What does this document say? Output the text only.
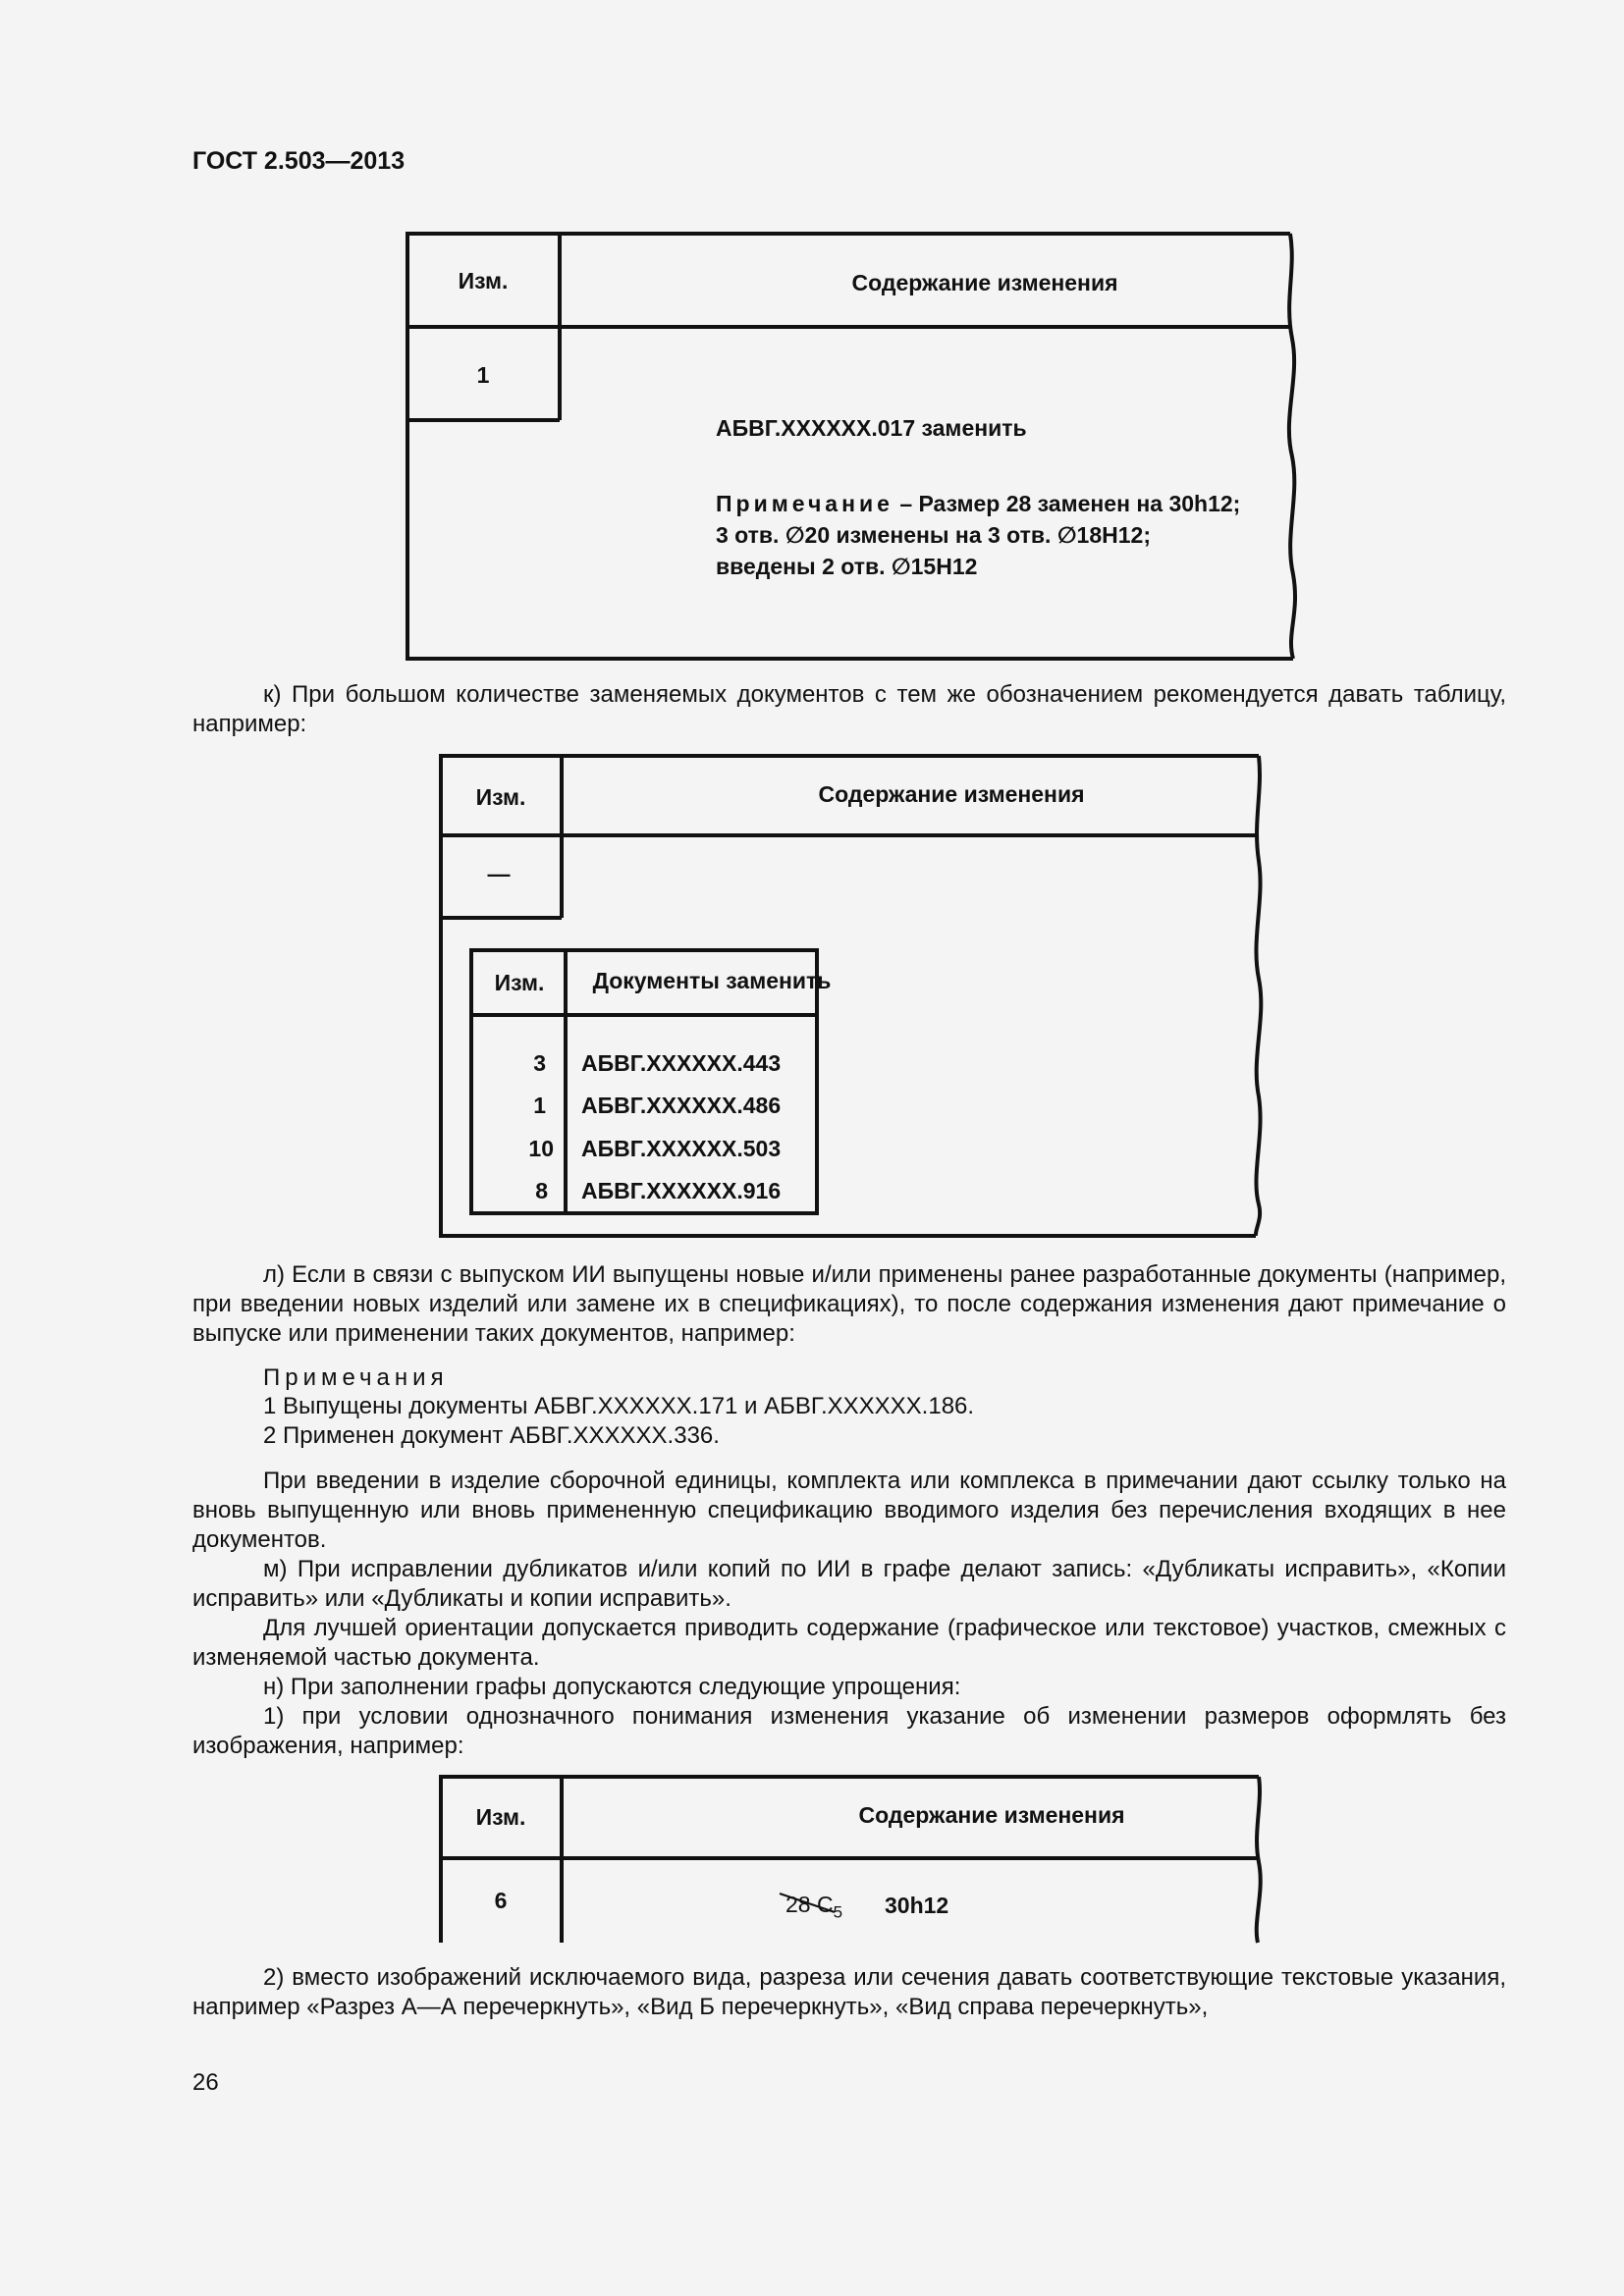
ГОСТ 2.503—2013
Изм.	Содержание изменения
1
АБВГ.XXXXXX.017 заменить
Примечание – Размер 28 заменен на 30h12;
3 отв. ∅20 изменены на 3 отв. ∅18H12;
введены 2 отв. ∅15H12

к) При большом количестве заменяемых документов с тем же обозначением рекомендуется давать таблицу, например:

Изм.	Содержание изменения
—
Изм. Документы заменить
3 АБВГ.XXXXXX.443
1 АБВГ.XXXXXX.486
10 АБВГ.XXXXXX.503
8 АБВГ.XXXXXX.916

л) Если в связи с выпуском ИИ выпущены новые и/или применены ранее разработанные документы (например, при введении новых изделий или замене их в спецификациях), то после содержания изменения дают примечание о выпуске или применении таких документов, например:

Примечания
1 Выпущены документы АБВГ.XXXXXX.171 и АБВГ.XXXXXX.186.
2 Применен документ АБВГ.XXXXXX.336.

При введении в изделие сборочной единицы, комплекта или комплекса в примечании дают ссылку только на вновь выпущенную или вновь примененную спецификацию вводимого изделия без перечисления входящих в нее документов.

м) При исправлении дубликатов и/или копий по ИИ в графе делают запись: «Дубликаты исправить», «Копии исправить» или «Дубликаты и копии исправить».

Для лучшей ориентации допускается приводить содержание (графическое или текстовое) участков, смежных с изменяемой частью документа.

н) При заполнении графы допускаются следующие упрощения:

1) при условии однозначного понимания изменения указание об изменении размеров оформлять без изображения, например:

Изм.	Содержание изменения
6	28 $C_5$ 30h12

2) вместо изображений исключаемого вида, разреза или сечения давать соответствующие текстовые указания, например «Разрез А—А перечеркнуть», «Вид Б перечеркнуть», «Вид справа перечеркнуть»,

26
